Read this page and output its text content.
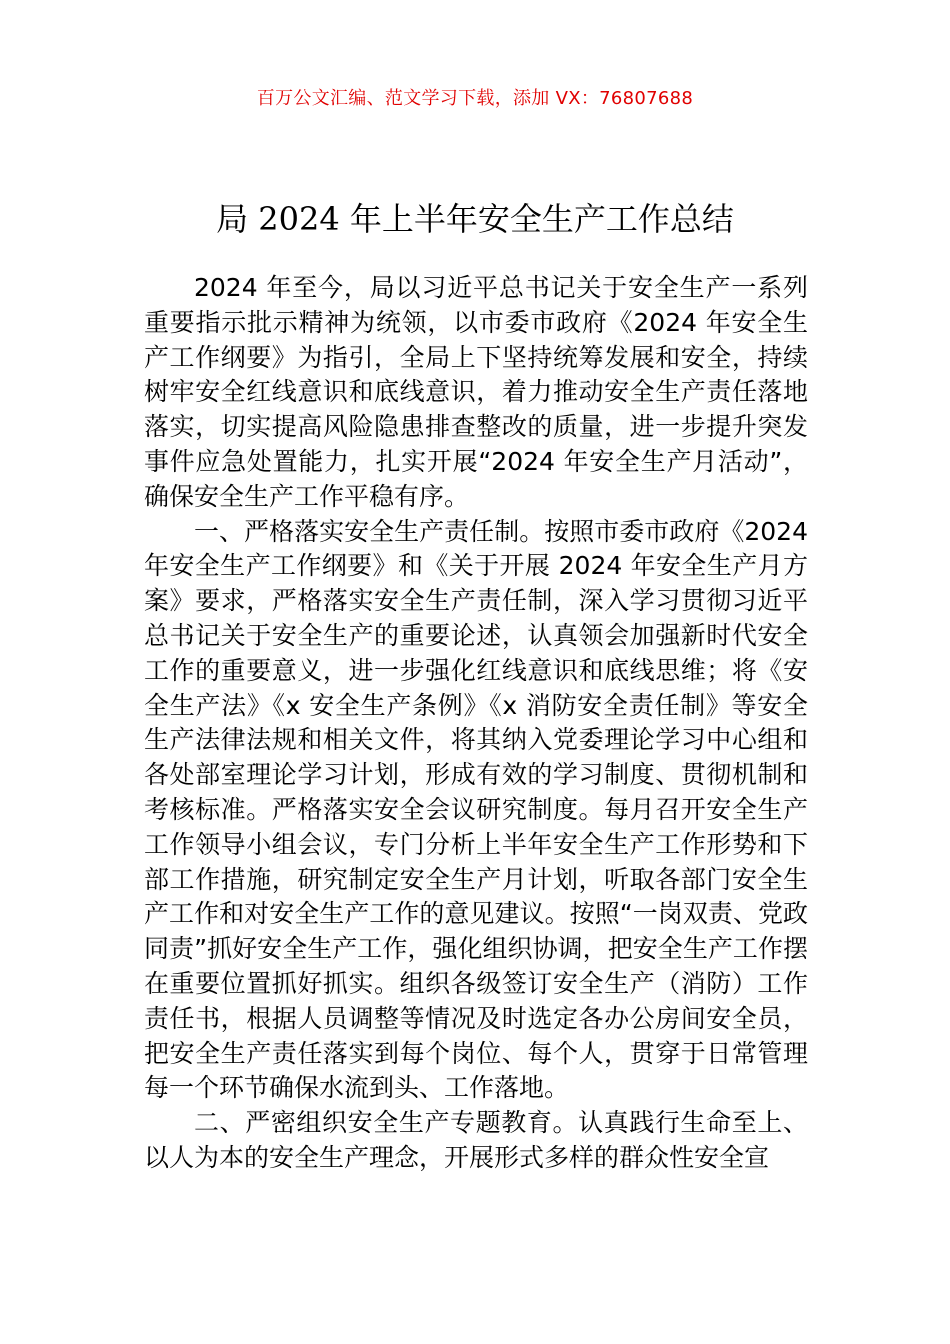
百万公文汇编、范文学习下载，添加 VX：76807688
局 2024 年上半年安全生产工作总结

2024 年至今，局以习近平总书记关于安全生产一系列重要指示批示精神为统领，以市委市政府《2024 年安全生产工作纲要》为指引，全局上下坚持统筹发展和安全，持续树牢安全红线意识和底线意识，着力推动安全生产责任落地落实，切实提高风险隐患排查整改的质量，进一步提升突发事件应急处置能力，扎实开展“2024 年安全生产月活动”，确保安全生产工作平稳有序。

一、严格落实安全生产责任制。按照市委市政府《2024 年安全生产工作纲要》和《关于开展 2024 年安全生产月方案》要求，严格落实安全生产责任制，深入学习贯彻习近平总书记关于安全生产的重要论述，认真领会加强新时代安全工作的重要意义，进一步强化红线意识和底线思维；将《安全生产法》《x 安全生产条例》《x 消防安全责任制》等安全生产法律法规和相关文件，将其纳入党委理论学习中心组和各处部室理论学习计划，形成有效的学习制度、贯彻机制和考核标准。严格落实安全会议研究制度。每月召开安全生产工作领导小组会议，专门分析上半年安全生产工作形势和下部工作措施，研究制定安全生产月计划，听取各部门安全生产工作和对安全生产工作的意见建议。按照“一岗双责、党政同责”抓好安全生产工作，强化组织协调，把安全生产工作摆在重要位置抓好抓实。组织各级签订安全生产（消防）工作责任书，根据人员调整等情况及时选定各办公房间安全员，把安全生产责任落实到每个岗位、每个人，贯穿于日常管理每一个环节确保水流到头、工作落地。

二、严密组织安全生产专题教育。认真践行生命至上、以人为本的安全生产理念，开展形式多样的群众性安全宣
